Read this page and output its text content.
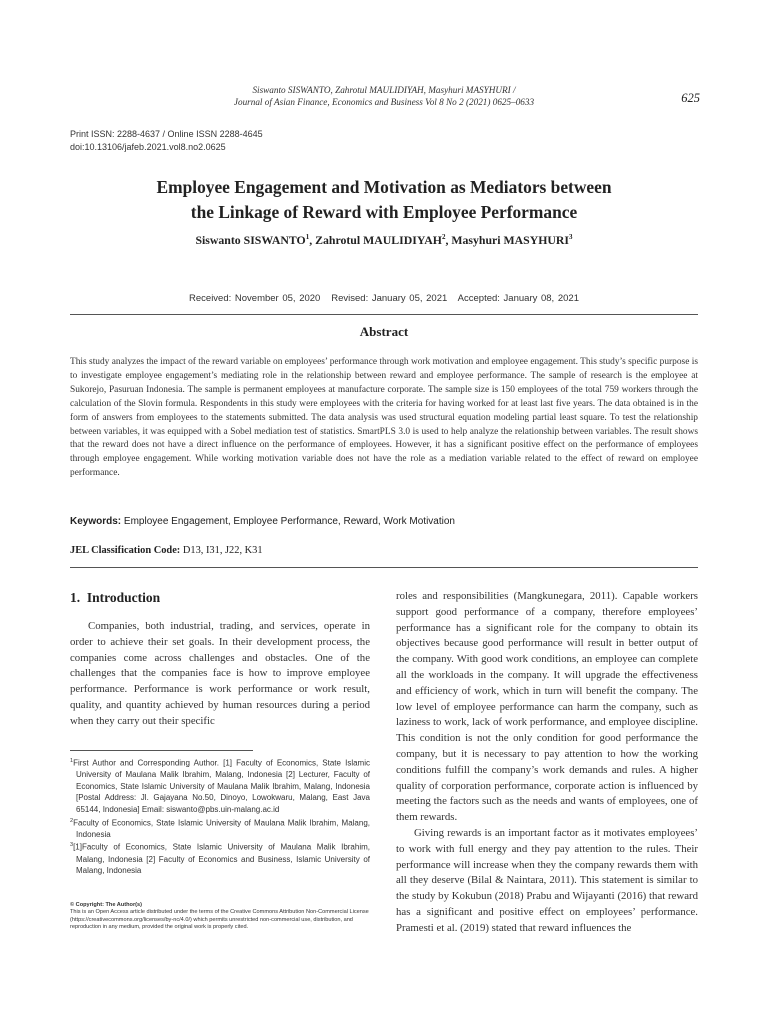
Siswanto SISWANTO, Zahrotul MAULIDIYAH, Masyhuri MASYHURI /
Journal of Asian Finance, Economics and Business Vol 8 No 2 (2021) 0625–0633	625
Print ISSN: 2288-4637 / Online ISSN 2288-4645
doi:10.13106/jafeb.2021.vol8.no2.0625
Employee Engagement and Motivation as Mediators between
the Linkage of Reward with Employee Performance
Siswanto SISWANTO$^1$, Zahrotul MAULIDIYAH$^2$, Masyhuri MASYHURI$^3$
Received: November 05, 2020   Revised: January 05, 2021   Accepted: January 08, 2021
Abstract
This study analyzes the impact of the reward variable on employees’ performance through work motivation and employee engagement. This study’s specific purpose is to investigate employee engagement’s mediating role in the relationship between reward and employee performance. The sample of research is the employee at Sukorejo, Pasuruan Indonesia. The sample is permanent employees at manufacture corporate. The sample size is 150 employees of the total 759 workers through the calculation of the Slovin formula. Respondents in this study were employees with the criteria for having worked for at least last five years. The data obtained is in the form of answers from employees to the statements submitted. The data analysis was used structural equation modeling partial least square. To test the relationship between variables, it was equipped with a Sobel mediation test of statistics. SmartPLS 3.0 is used to help analyze the relationship between variables. The result shows that the reward does not have a direct influence on the performance of employees. However, it has a significant positive effect on the performance of employees through employee engagement. While working motivation variable does not have the role as a mediation variable related to the effect of reward on employee performance.
Keywords: Employee Engagement, Employee Performance, Reward, Work Motivation
JEL Classification Code: D13, I31, J22, K31
1.  Introduction

Companies, both industrial, trading, and services, operate in order to achieve their set goals. In their development process, the companies come across challenges and obstacles. One of the challenges that the companies face is how to improve employee performance. Performance is work performance or work result, quality, and quantity achieved by human resources during a period when they carry out their specific

roles and responsibilities (Mangkunegara, 2011). Capable workers support good performance of a company, therefore employees’ performance has a significant role for the company to obtain its objectives because good performance will result in better output of the company. With good work conditions, an employee can complete all the workloads in the company. It will upgrade the effectiveness and efficiency of work, which in turn will benefit the company. The low level of employee performance can harm the company, such as laziness to work, lack of work performance, and employee discipline. This condition is not the only condition for good performance the company, but it is necessary to pay attention to how the working conditions fulfill the company’s work demands and rules. A higher quality of corporation performance, corporate action is influenced by meeting the factors such as the needs and wants of employees, one of them rewards.

Giving rewards is an important factor as it motivates employees’ to work with full energy and they pay attention to the rules. Their performance will increase when they the company rewards them with all they deserve (Bilal & Naintara, 2011). This statement is similar to the study by Kokubun (2018) Prabu and Wijayanti (2016) that reward has a significant and positive effect on employees’ performance. Pramesti et al. (2019) stated that reward influences the

$^1$First Author and Corresponding Author. [1] Faculty of Economics, State Islamic University of Maulana Malik Ibrahim, Malang, Indonesia [2] Lecturer, Faculty of Economics, State Islamic University of Maulana Malik Ibrahim, Malang, Indonesia [Postal Address: Jl. Gajayana No.50, Dinoyo, Lowokwaru, Malang, East Java 65144, Indonesia] Email: siswanto@pbs.uin-malang.ac.id

$^2$Faculty of Economics, State Islamic University of Maulana Malik Ibrahim, Malang, Indonesia

$^3$[1]Faculty of Economics, State Islamic University of Maulana Malik Ibrahim, Malang, Indonesia [2] Faculty of Economics and Business, Islamic University of Malang, Indonesia

© Copyright: The Author(s)
This is an Open Access article distributed under the terms of the Creative Commons Attribution Non-Commercial License (https://creativecommons.org/licenses/by-nc/4.0/) which permits unrestricted non-commercial use, distribution, and reproduction in any medium, provided the original work is properly cited.
